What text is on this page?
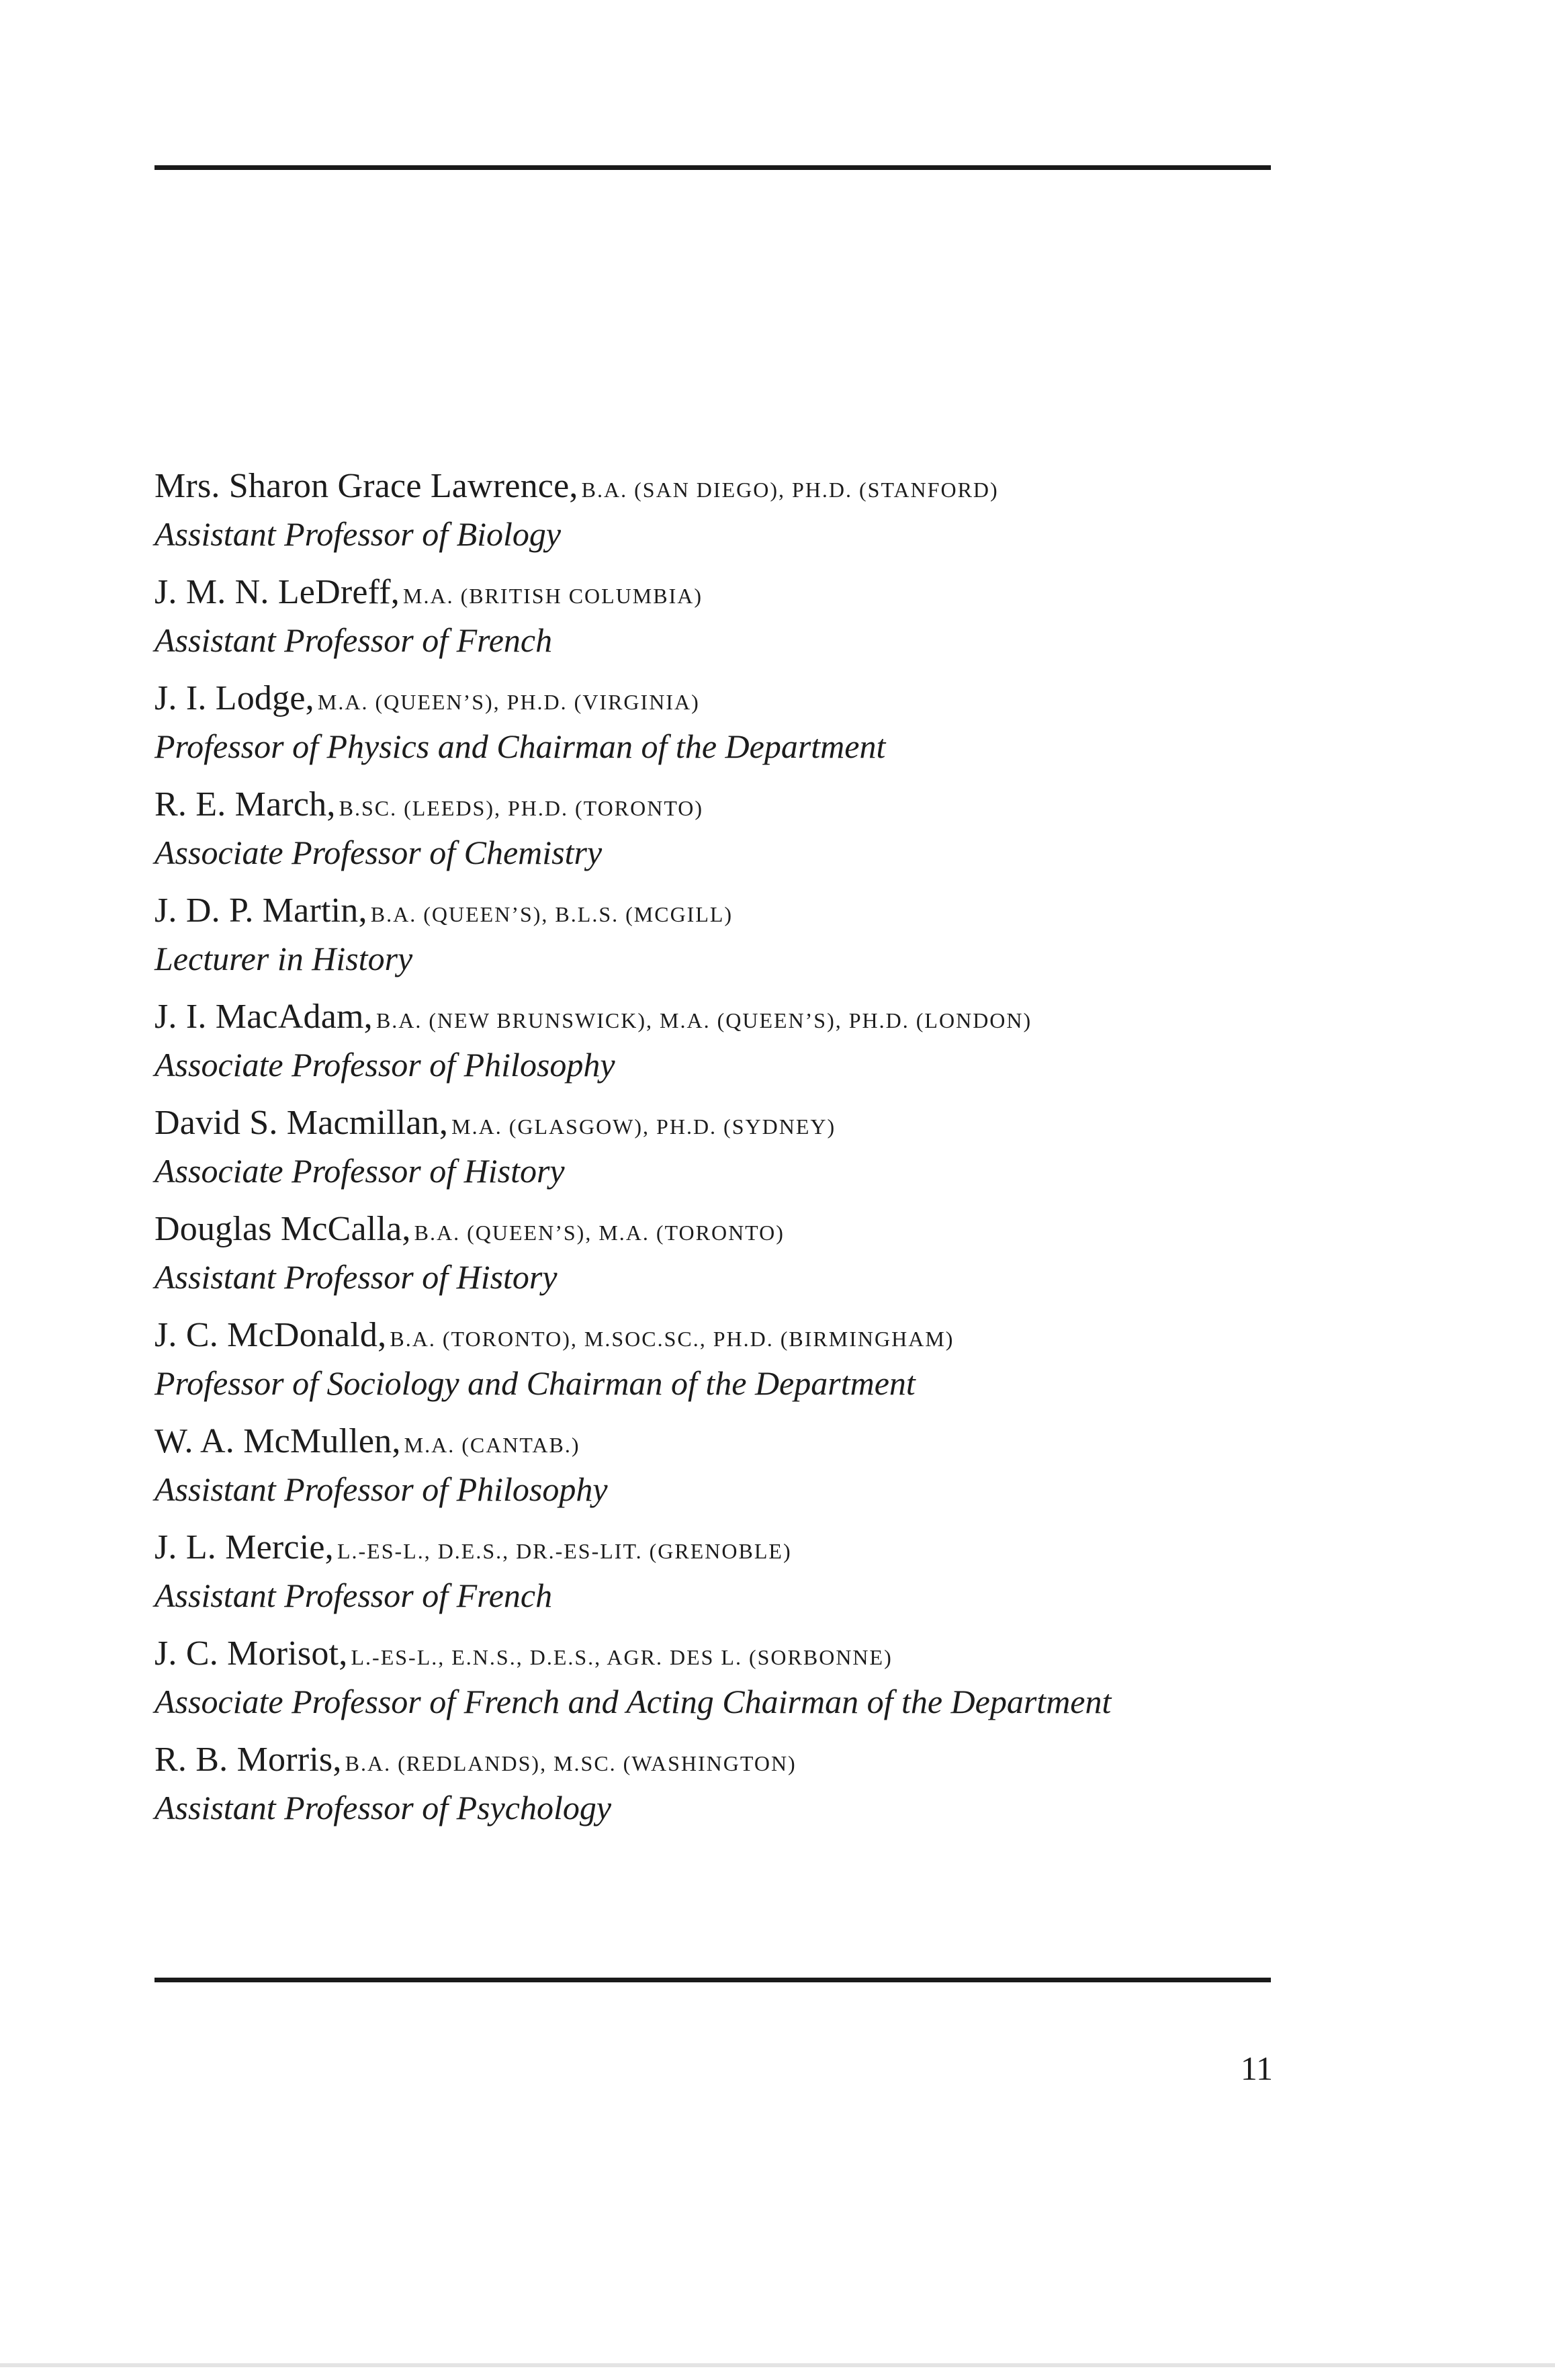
Mrs. Sharon Grace Lawrence, B.A. (SAN DIEGO), PH.D. (STANFORD)
Assistant Professor of Biology
J. M. N. LeDreff, M.A. (BRITISH COLUMBIA)
Assistant Professor of French
J. I. Lodge, M.A. (QUEEN’S), PH.D. (VIRGINIA)
Professor of Physics and Chairman of the Department
R. E. March, B.SC. (LEEDS), PH.D. (TORONTO)
Associate Professor of Chemistry
J. D. P. Martin, B.A. (QUEEN’S), B.L.S. (MCGILL)
Lecturer in History
J. I. MacAdam, B.A. (NEW BRUNSWICK), M.A. (QUEEN’S), PH.D. (LONDON)
Associate Professor of Philosophy
David S. Macmillan, M.A. (GLASGOW), PH.D. (SYDNEY)
Associate Professor of History
Douglas McCalla, B.A. (QUEEN’S), M.A. (TORONTO)
Assistant Professor of History
J. C. McDonald, B.A. (TORONTO), M.SOC.SC., PH.D. (BIRMINGHAM)
Professor of Sociology and Chairman of the Department
W. A. McMullen, M.A. (CANTAB.)
Assistant Professor of Philosophy
J. L. Mercie, L.-ES-L., D.E.S., DR.-ES-LIT. (GRENOBLE)
Assistant Professor of French
J. C. Morisot, L.-ES-L., E.N.S., D.E.S., AGR. DES L. (SORBONNE)
Associate Professor of French and Acting Chairman of the Department
R. B. Morris, B.A. (REDLANDS), M.SC. (WASHINGTON)
Assistant Professor of Psychology
11
